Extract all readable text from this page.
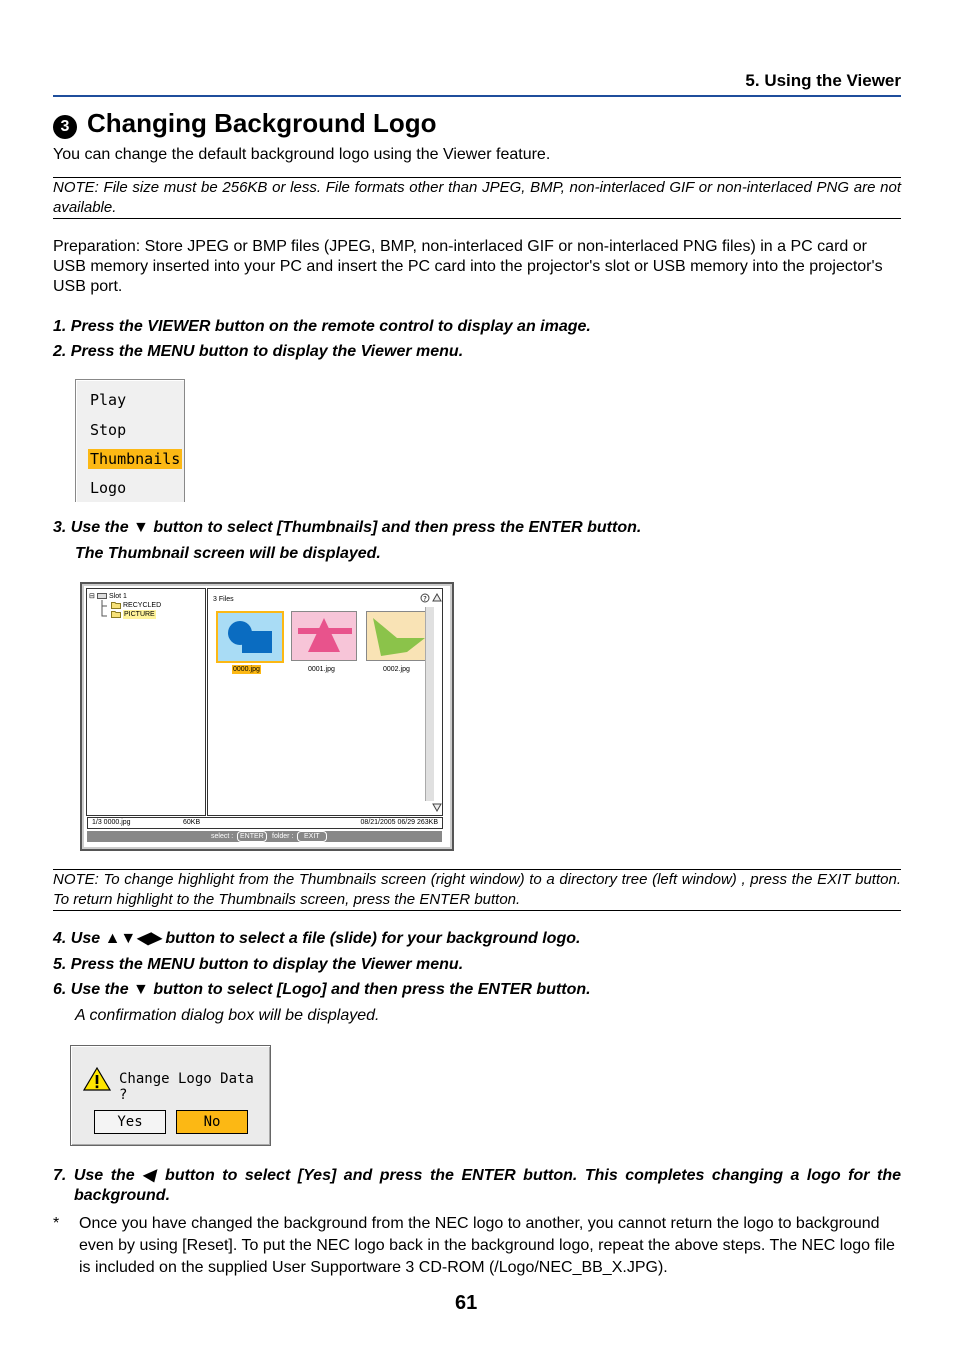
5. Using the Viewer
3 Changing Background Logo
You can change the default background logo using the Viewer feature.
NOTE: File size must be 256KB or less. File formats other than JPEG, BMP, non-interlaced GIF or non-interlaced PNG are not available.
Preparation: Store JPEG or BMP files (JPEG, BMP, non-interlaced GIF or non-interlaced PNG files) in a PC card or USB memory inserted into your PC and insert the PC card into the projector's slot or USB memory into the projector's USB port.
1. Press the VIEWER button on the remote control to display an image.
2. Press the MENU button to display the Viewer menu.
Play
Stop
Thumbnails
Logo
3. Use the ▼ button to select [Thumbnails] and then press the ENTER button.
The Thumbnail screen will be displayed.
⊟ Slot 1
RECYCLED
PICTURE
3 Files	?
0000.jpg	0001.jpg	0002.jpg
1/3 0000.jpg	60KB	08/21/2005 06/29 263KB
select : ENTER	folder :	EXIT
NOTE: To change highlight from the Thumbnails screen (right window) to a directory tree (left window) , press the EXIT button. To return highlight to the Thumbnails screen, press the ENTER button.
4. Use ▲▼◀▶ button to select a file (slide) for your background logo.
5. Press the MENU button to display the Viewer menu.
6. Use the ▼ button to select [Logo] and then press the ENTER button.
A confirmation dialog box will be displayed.
Change Logo Data ?
Yes	No
7. Use the ◀ button to select [Yes] and press the ENTER button. This completes changing a logo for the background.
*	Once you have changed the background from the NEC logo to another, you cannot return the logo to background even by using [Reset]. To put the NEC logo back in the background logo, repeat the above steps. The NEC logo file is included on the supplied User Supportware 3 CD-ROM (/Logo/NEC_BB_X.JPG).
61
